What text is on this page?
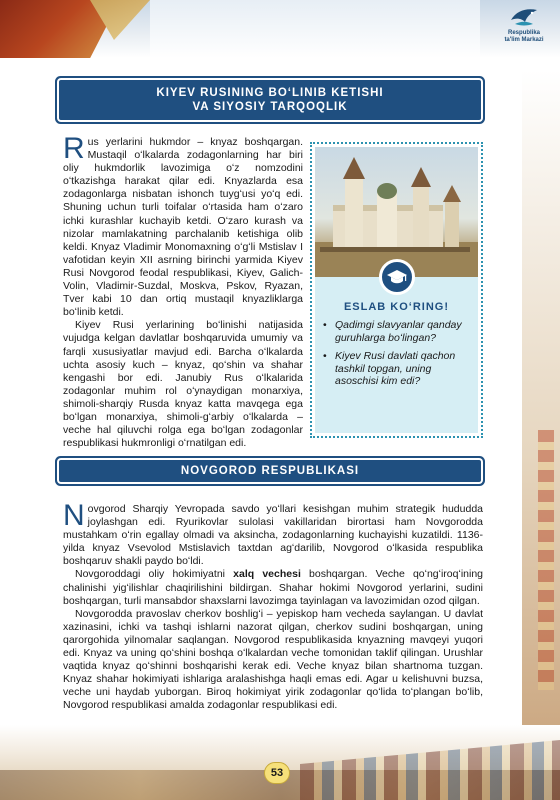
Respublika
ta'lim Markazi
KIYEV RUSINING BOʻLINIB KETISHI
VA SIYOSIY TARQOQLIK

Rus yerlarini hukmdor – knyaz boshqargan. Mustaqil oʻlkalarda zodagonlarning har biri oliy hukmdorlik lavozimiga oʻz nomzodini oʻtkazishga harakat qilar edi. Knyazlarda esa zodagonlarga nisbatan ishonch tuygʻusi yoʻq edi. Shuning uchun turli toifalar oʻrtasida ham oʻzaro ichki kurashlar kuchayib ketdi. Oʻzaro kurash va nizolar mamlakatning parchalanib ketishiga olib keldi. Knyaz Vladimir Monomaxning oʻgʻli Mstislav I vafotidan keyin XII asrning birinchi yarmida Kiyev Rusi Novgorod feodal respublikasi, Kiyev, Galich-Volin, Vladimir-Suzdal, Moskva, Pskov, Ryazan, Tver kabi 10 dan ortiq mustaqil knyazliklarga boʻlinib ketdi.

Kiyev Rusi yerlarining boʻlinishi natijasida vujudga kelgan davlatlar boshqaruvida umumiy va farqli xususiyatlar mavjud edi. Barcha oʻlkalarda uchta asosiy kuch – knyaz, qoʻshin va shahar kengashi bor edi. Janubiy Rus oʻlkalarida zodagonlar muhim rol oʻynaydigan monarxiya, shimoli-sharqiy Rusda knyaz katta mavqega ega boʻlgan monarxiya, shimoli-gʻarbiy oʻlkalarda – veche hal qiluvchi rolga ega boʻlgan zodagonlar respublikasi hukmronligi oʻrnatilgan edi.

ESLAB KOʻRING!
• Qadimgi slavyanlar qanday guruhlarga boʻlingan?
• Kiyev Rusi davlati qachon tashkil topgan, uning asoschisi kim edi?
NOVGOROD RESPUBLIKASI

Novgorod Sharqiy Yevropada savdo yoʻllari kesishgan muhim strategik hududda joylashgan edi. Ryurikovlar sulolasi vakillaridan birortasi ham Novgorodda mustahkam oʻrin egallay olmadi va aksincha, zodagonlarning kuchayishi kuzatildi. 1136-yilda knyaz Vsevolod Mstislavich taxtdan agʻdarilib, Novgorod oʻlkasida respublika boshqaruv shakli paydo boʻldi.

Novgoroddagi oliy hokimiyatni xalq vechesi boshqargan. Veche qoʻngʻiroqʻining chalinishi yigʻilishlar chaqirilishini bildirgan. Shahar hokimi Novgorod yerlarini, sudini boshqargan, turli mansabdor shaxslarni lavozimga tayinlagan va lavozimidan ozod qilgan.

Novgorodda pravoslav cherkov boshligʻi – yepiskop ham vecheda saylangan. U davlat xazinasini, ichki va tashqi ishlarni nazorat qilgan, cherkov sudini boshqargan, uning qarorgohida yilnomalar saqlangan. Novgorod respublikasida knyazning mavqeyi yuqori edi. Knyaz va uning qoʻshini boshqa oʻlkalardan veche tomonidan taklif qilingan. Urushlar vaqtida knyaz qoʻshinni boshqarishi kerak edi. Veche knyaz bilan shartnoma tuzgan. Knyaz shahar hokimiyati ishlariga aralashishga haqli emas edi. Agar u kelishuvni buzsa, veche uni haydab yuborgan. Biroq hokimiyat yirik zodagonlar qoʻlida toʻplangan boʻlib, Novgorod respublikasi amalda zodagonlar respublikasi edi.

53
